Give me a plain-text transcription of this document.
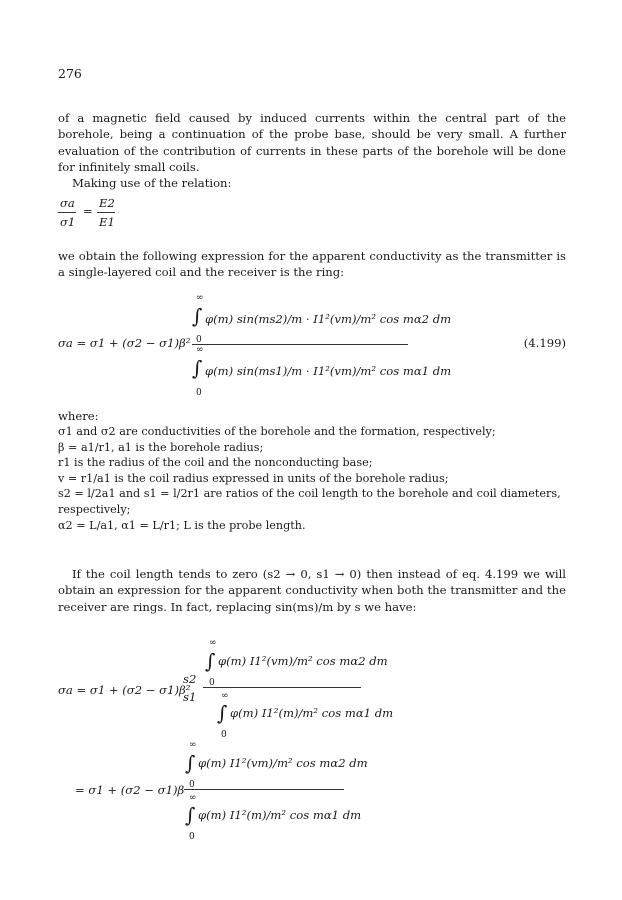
276
of a magnetic field caused by induced currents within the central part of the borehole, being a continuation of the probe base, should be very small. A further evaluation of the contribution of currents in these parts of the borehole will be done for infinitely small coils.
Making use of the relation:
σa
σ1
=
E2
E1
we obtain the following expression for the apparent conductivity as the transmitter is a single-layered coil and the receiver is the ring:
σa = σ1 + (σ2 − σ1)β²
∞
∫ φ(m) sin(ms2)/m · I1²(vm)/m² cos mα2 dm
0
∞
∫ φ(m) sin(ms1)/m · I1²(vm)/m² cos mα1 dm
0
(4.199)
where:
σ1 and σ2 are conductivities of the borehole and the formation, respectively;
β = a1/r1, a1 is the borehole radius;
r1 is the radius of the coil and the nonconducting base;
v = r1/a1 is the coil radius expressed in units of the borehole radius;
s2 = l/2a1 and s1 = l/2r1 are ratios of the coil length to the borehole and coil diameters,
respectively;
α2 = L/a1, α1 = L/r1; L is the probe length.
If the coil length tends to zero (s2 → 0, s1 → 0) then instead of eq. 4.199 we will obtain an expression for the apparent conductivity when both the transmitter and the receiver are rings. In fact, replacing sin(ms)/m by s we have:
σa = σ1 + (σ2 − σ1)β²
s2
s1
∞
∫ φ(m) I1²(vm)/m² cos mα2 dm
0
∞
∫ φ(m) I1²(m)/m² cos mα1 dm
0
= σ1 + (σ2 − σ1)β
∞
∫ φ(m) I1²(vm)/m² cos mα2 dm
0
∞
∫ φ(m) I1²(m)/m² cos mα1 dm
0
